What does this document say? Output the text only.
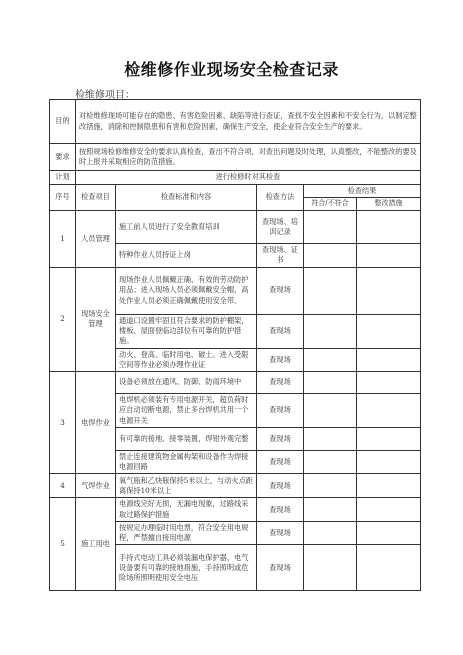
检维修作业现场安全检查记录
检维修项目：
目的	对检维修现场可能存在的隐患、有害危险因素、缺陷等进行查证，查找不安全因素和不安全行为，以制定整改措施，消除和控制隐患和有害和危险因素，确保生产安全，使企业符合安全生产的要求。				
要求	按照规场检修维修安全的要求认真检查，查出不符合项，对查出问题及时处理，认真整改，不能整改的要及时上报并采取相应的防范措施。				
计划	进行检修时对其检查				
序号	检查项目	检查标准和内容	检查方法	检查结果	
				符合/不符合	整改措施
1	人员管理	施工前人员进行了安全教育培训	查现场、培训记录		
		特种作业人员持证上岗	查现场、证书		
2	现场安全管理	现场作业人员佩戴正确、有效的劳动防护用品；进入现场人员必须佩戴安全帽，高处作业人员必须正确佩戴使用安全带。	查现场		
		通道口设置牢固且符合要求的防护棚架，楼板、屋面登临边部位有可靠的防护措施。	查现场		
		动火、登高、临时用电、破土、进入受限空间等作业必须办理作业证	查现场		
3	电焊作业	设备必须放在通风、防御、防雨环境中	查现场		
		电焊机必须装有专用电源开关，超负荷时应自动切断电源，禁止多台焊机共用一个电源开关	查现场		
		有可靠的接地、接零装置，焊钳外观完整	查现场		
		禁止连接建筑物金属构架和设备作为焊接电源回路	查现场		
4	气焊作业	氧气瓶和乙炔瓶保持5米以上，与动火点距离保持10米以上	查现场		
5	施工用电	电源线完好无损，无漏电现象，过路线采取过路保护措施	查现场		
		按规定办理临时用电票，符合安全用电规程，严禁擅自接用电源	查现场		
		手持式电动工具必须装漏电保护器，电气设备要有可靠的接地措施，手持照明或危险场所照明使用安全电压	查现场		
